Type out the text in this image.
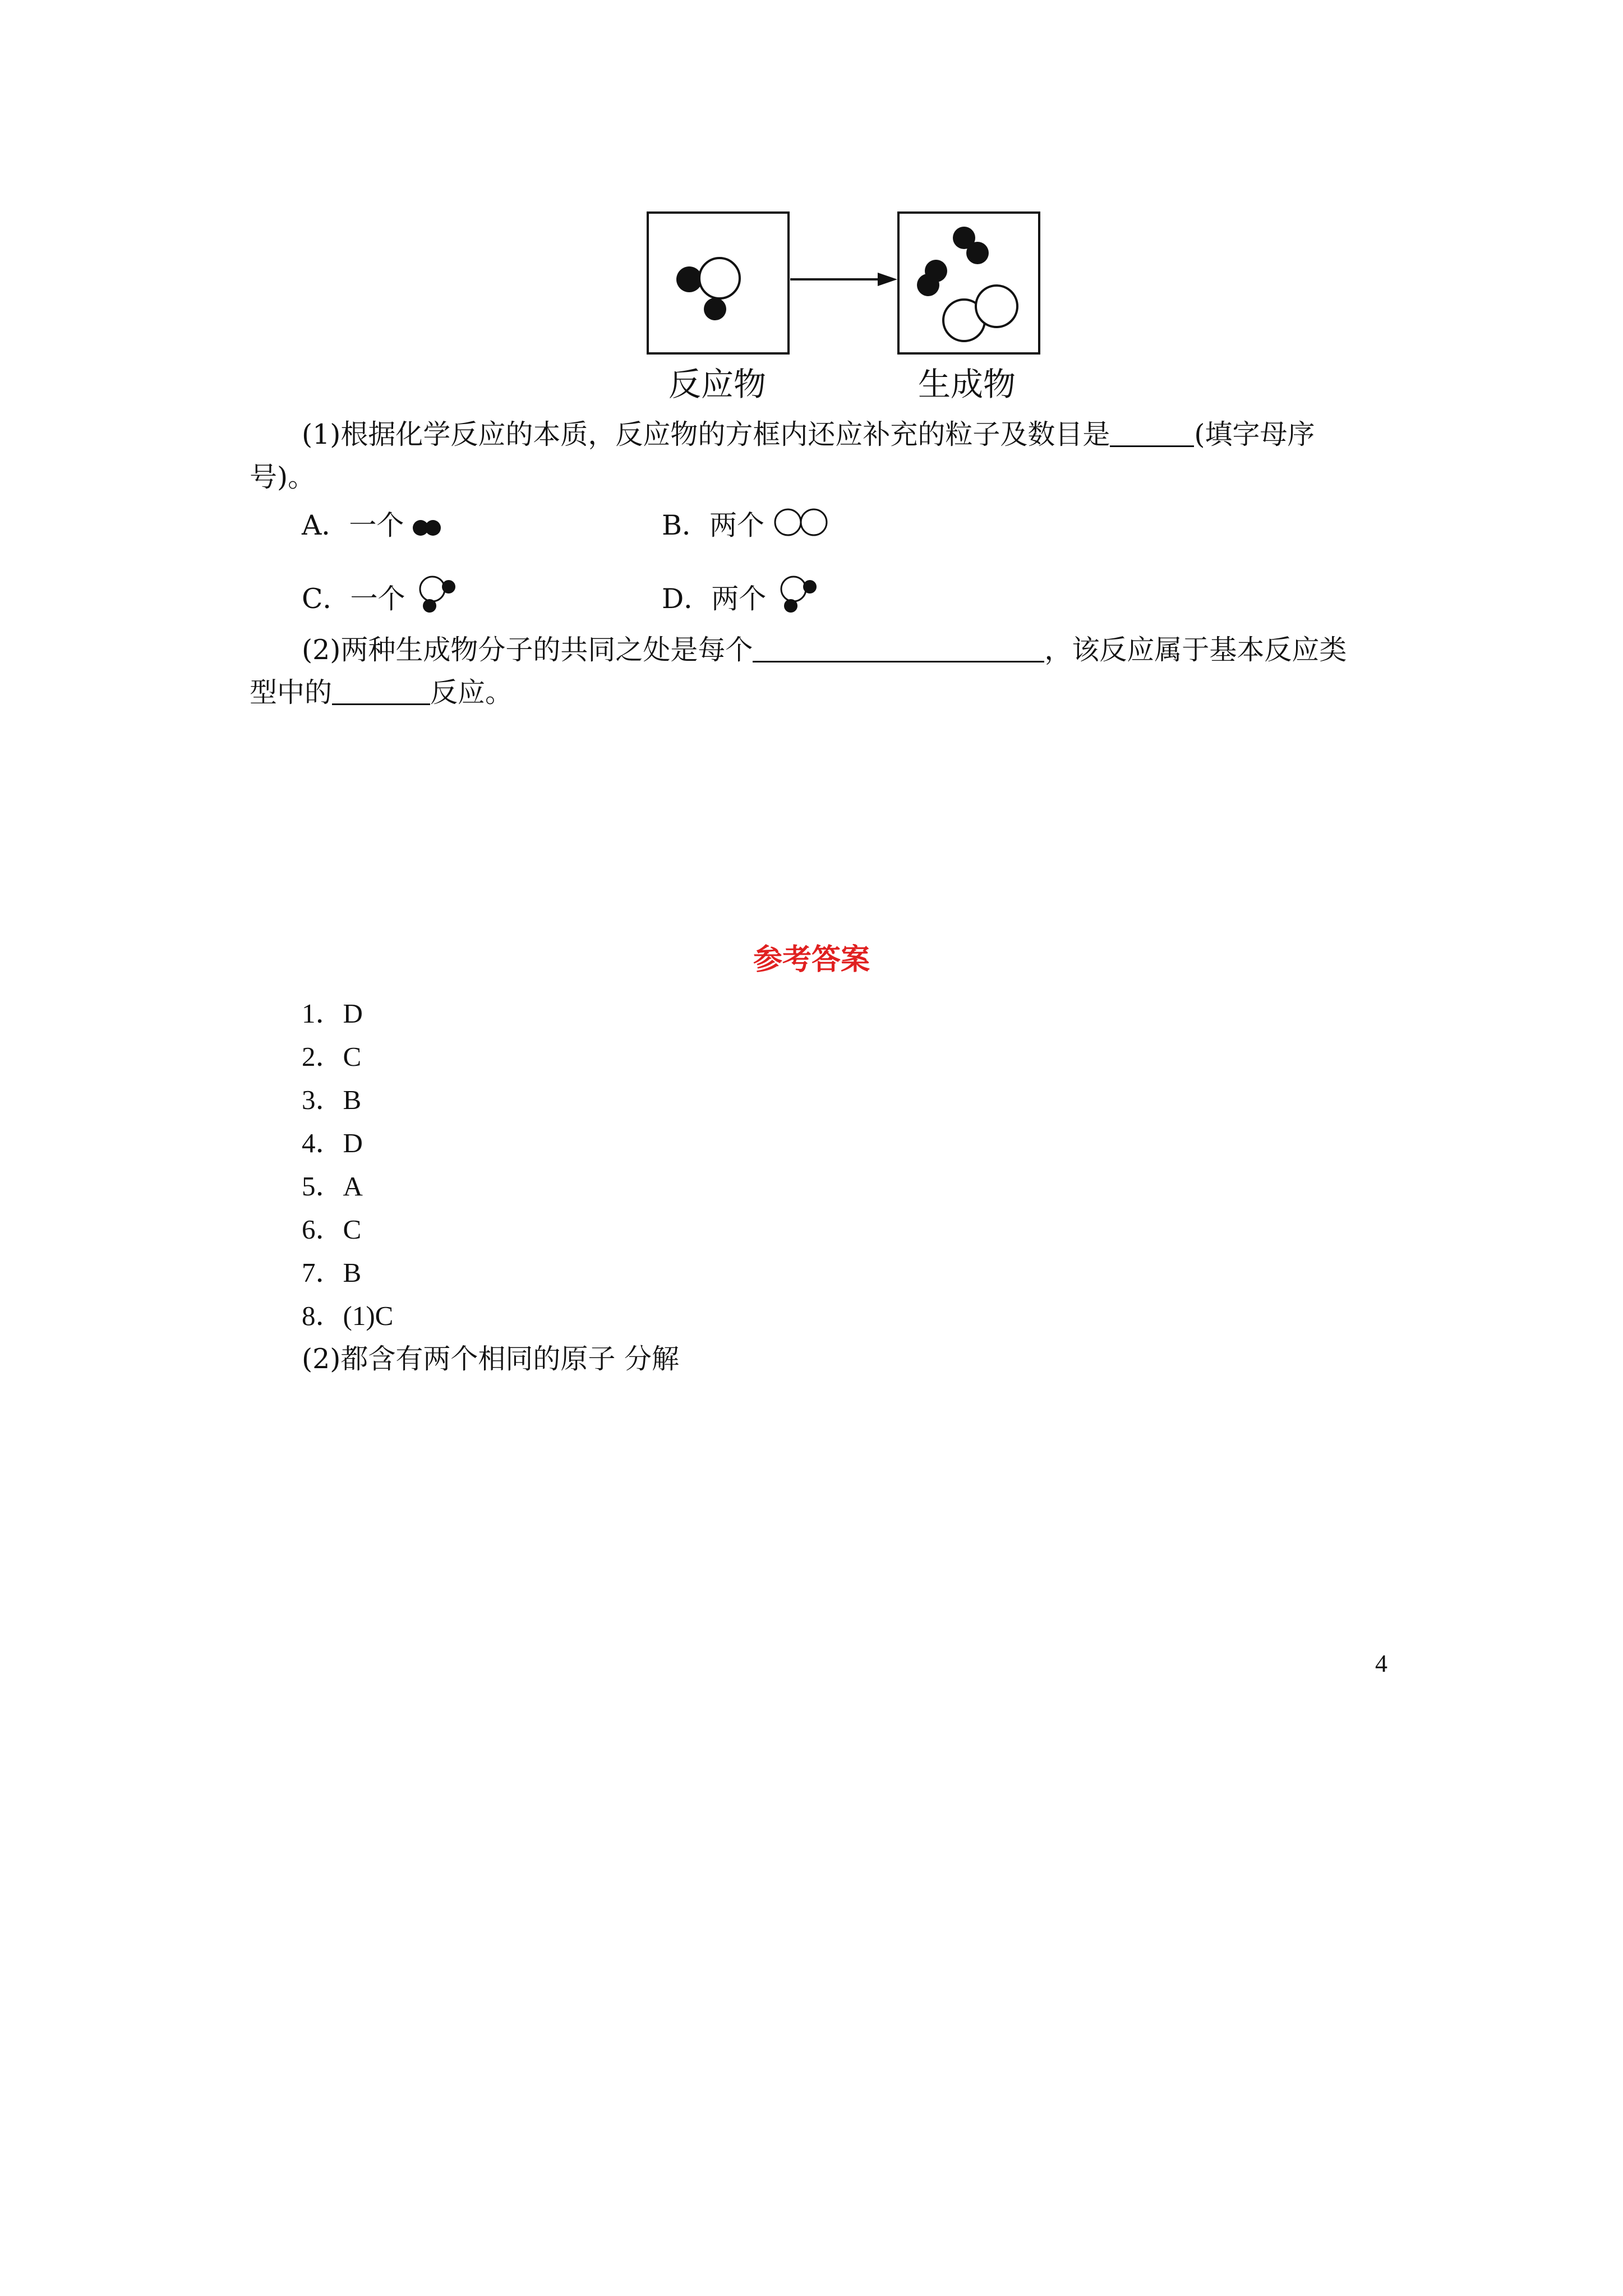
反应物	生成物
(1)根据化学反应的本质，反应物的方框内还应补充的粒子及数目是	(填字母序
号)。
A．一个	B．两个
C．一个	D．两个
(2)两种生成物分子的共同之处是每个	，该反应属于基本反应类
型中的	反应。
参考答案
1．D
2．C
3．B
4．D
5．A
6．C
7．B
8．(1)C
(2)都含有两个相同的原子 分解
4
